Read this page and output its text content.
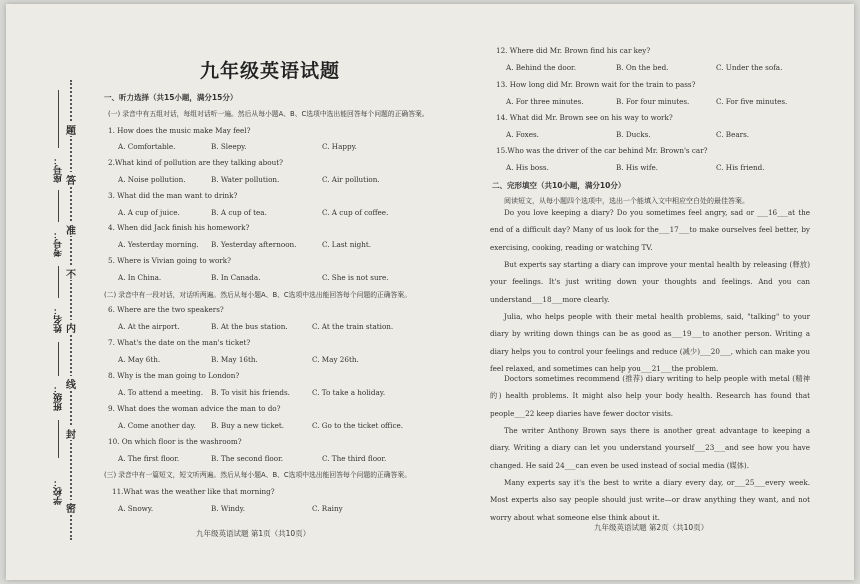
学校：
班级：
姓名：
考号：
座号：
密
封
线
内
不
准
答
题
九年级英语试题
一、听力选择（共15小题，满分15分）
(一) 录音中有五组对话，每组对话听一遍。然后从每小题A、B、C选项中选出能回答每个问题的正确答案。
1. How does the music make May feel?
A. Comfortable.	B. Sleepy.	C. Happy.
2.What kind of pollution are they talking about?
A. Noise pollution.	B. Water pollution.	C. Air pollution.
3. What did the man want to drink?
A. A cup of juice.	B. A cup of tea.	C. A cup of coffee.
4. When did Jack finish his homework?
A. Yesterday morning. B. Yesterday afternoon.	C. Last night.
5. Where is Vivian going to work?
A. In China.	B. In Canada.	C. She is not sure.
(二) 录音中有一段对话，对话听两遍。然后从每小题A、B、C选项中选出能回答每个问题的正确答案。
6. Where are the two speakers?
A. At the airport.	B. At the bus station.	C. At the train station.
7. What's the date on the man's ticket?
A. May 6th.	B. May 16th.	C. May 26th.
8. Why is the man going to London?
A. To attend a meeting. B. To visit his friends.	C. To take a holiday.
9. What does the woman advice the man to do?
A. Come another day. B. Buy a new ticket.	C. Go to the ticket office.
10. On which floor is the washroom?
A. The first floor.	B. The second floor.	C. The third floor.
(三) 录音中有一篇短文，短文听两遍。然后从每小题A、B、C选项中选出能回答每个问题的正确答案。
11.What was the weather like that morning?
A. Snowy.	B. Windy.	C. Rainy
九年级英语试题 第1页（共10页）
12. Where did Mr. Brown find his car key?
A. Behind the door.	B. On the bed.	C. Under the sofa.
13. How long did Mr. Brown wait for the train to pass?
A. For three minutes.	B. For four minutes.	C. For five minutes.
14. What did Mr. Brown see on his way to work?
A. Foxes.	B. Ducks.	C. Bears.
15.Who was the driver of the car behind Mr. Brown's car?
A. His boss.	B. His wife.	C. His friend.
二、完形填空（共10小题，满分10分）
阅读短文，从每小题四个选项中，选出一个能填入文中相应空白处的最佳答案。
Do you love keeping a diary? Do you sometimes feel angry, sad or ___16___at the end of a difficult day? Many of us look for the___17___to make ourselves feel better, by exercising, cooking, reading or watching TV.
But experts say starting a diary can improve your mental health by releasing (释放) your feelings. It's just writing down your thoughts and feelings. And you can understand___18___more clearly.
Julia, who helps people with their metal health problems, said, "talking" to your diary by writing down things can be as good as___19___to another person. Writing a diary helps you to control your feelings and reduce (减少)___20___, which can make you feel relaxed, and sometimes can help you___21___the problem.
Doctors sometimes recommend (推荐) diary writing to help people with metal (精神的) health problems. It might also help your body health. Research has found that people___22 keep diaries have fewer doctor visits.
The writer Anthony Brown says there is another great advantage to keeping a diary. Writing a diary can let you understand yourself___23___and see how you have changed. He said 24___can even be used instead of social media (媒体).
Many experts say it's the best to write a diary every day, or___25___every week. Most experts also say people should just write—or draw anything they want, and not worry about what someone else think about it.
九年级英语试题 第2页（共10页）
